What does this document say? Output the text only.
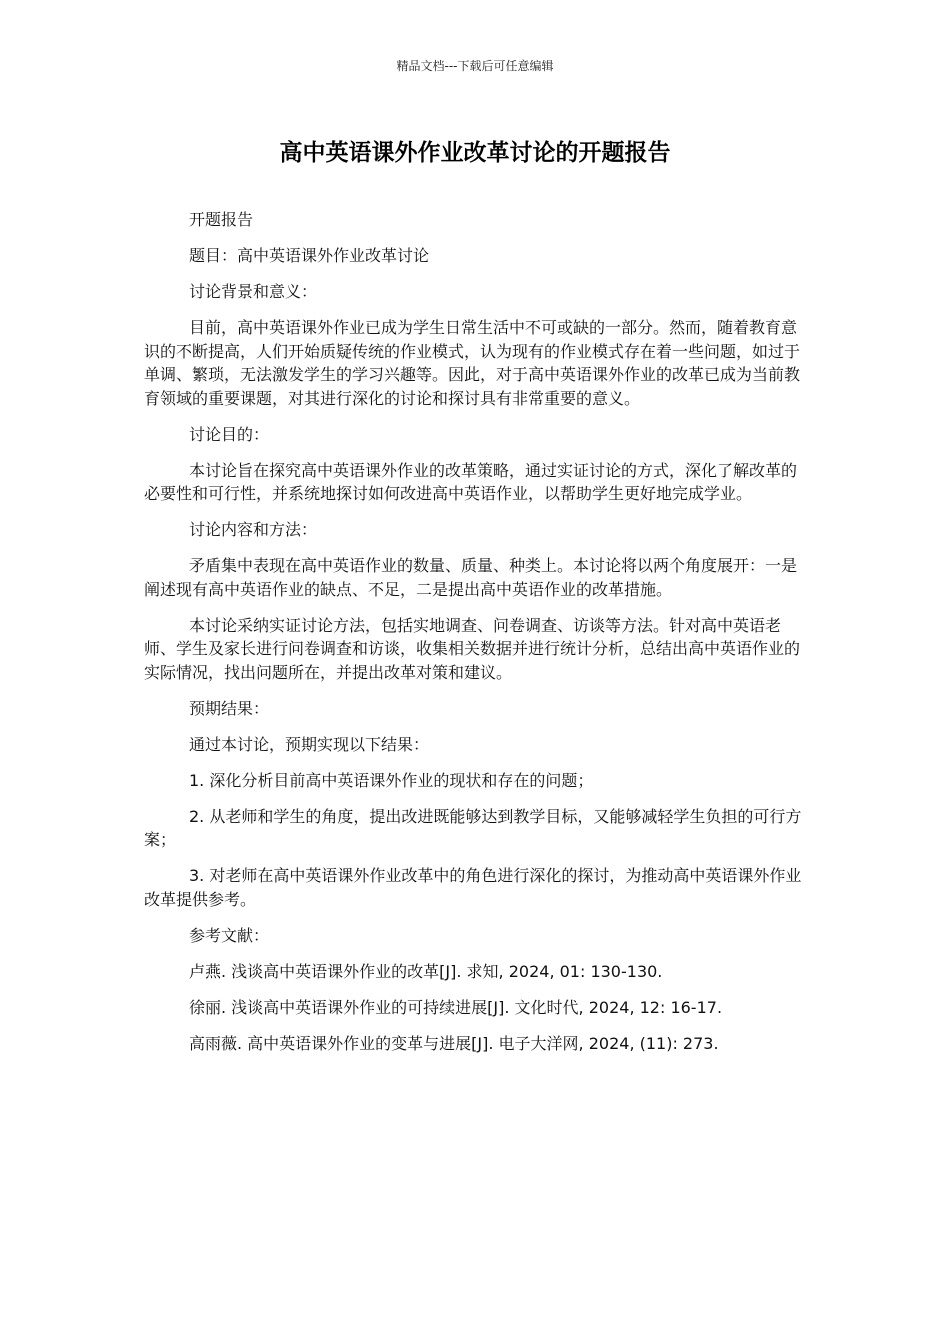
精品文档---下载后可任意编辑
高中英语课外作业改革讨论的开题报告

开题报告

题目：高中英语课外作业改革讨论

讨论背景和意义：

目前，高中英语课外作业已成为学生日常生活中不可或缺的一部分。然而，随着教育意识的不断提高，人们开始质疑传统的作业模式，认为现有的作业模式存在着一些问题，如过于单调、繁琐，无法激发学生的学习兴趣等。因此，对于高中英语课外作业的改革已成为当前教育领域的重要课题，对其进行深化的讨论和探讨具有非常重要的意义。

讨论目的：

本讨论旨在探究高中英语课外作业的改革策略，通过实证讨论的方式，深化了解改革的必要性和可行性，并系统地探讨如何改进高中英语作业，以帮助学生更好地完成学业。

讨论内容和方法：

矛盾集中表现在高中英语作业的数量、质量、种类上。本讨论将以两个角度展开：一是阐述现有高中英语作业的缺点、不足，二是提出高中英语作业的改革措施。

本讨论采纳实证讨论方法，包括实地调查、问卷调查、访谈等方法。针对高中英语老师、学生及家长进行问卷调查和访谈，收集相关数据并进行统计分析，总结出高中英语作业的实际情况，找出问题所在，并提出改革对策和建议。

预期结果：

通过本讨论，预期实现以下结果：

1. 深化分析目前高中英语课外作业的现状和存在的问题；

2. 从老师和学生的角度，提出改进既能够达到教学目标，又能够减轻学生负担的可行方案；

3. 对老师在高中英语课外作业改革中的角色进行深化的探讨，为推动高中英语课外作业改革提供参考。

参考文献：

卢燕. 浅谈高中英语课外作业的改革[J]. 求知, 2024, 01: 130-130.

徐丽. 浅谈高中英语课外作业的可持续进展[J]. 文化时代, 2024, 12: 16-17.

高雨薇. 高中英语课外作业的变革与进展[J]. 电子大洋网, 2024, (11): 273.
